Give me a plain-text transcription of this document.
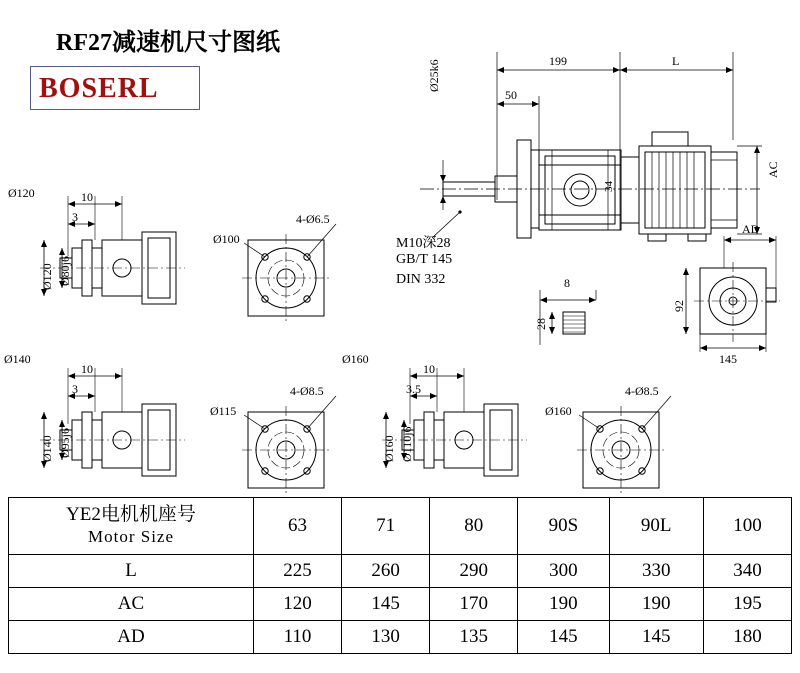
RF27减速机尺寸图纸
BOSERL
199	L
50
Ø25k6
34
AC
AD
8
28
92
145
M10深28
GB/T 145
DIN 332
Ø120	10
3
Ø120 Ø80j6
4-Ø6.5
Ø100
Ø140
10
3
Ø140 Ø95j6
4-Ø8.5
Ø115
Ø160
10
3.5
Ø160 Ø110j6
4-Ø8.5
Ø160
YE2电机机座号
Motor Size	63	71	80	90S	90L	100
L	225	260	290	300	330	340
AC	120	145	170	190	190	195
AD	110	130	135	145	145	180
